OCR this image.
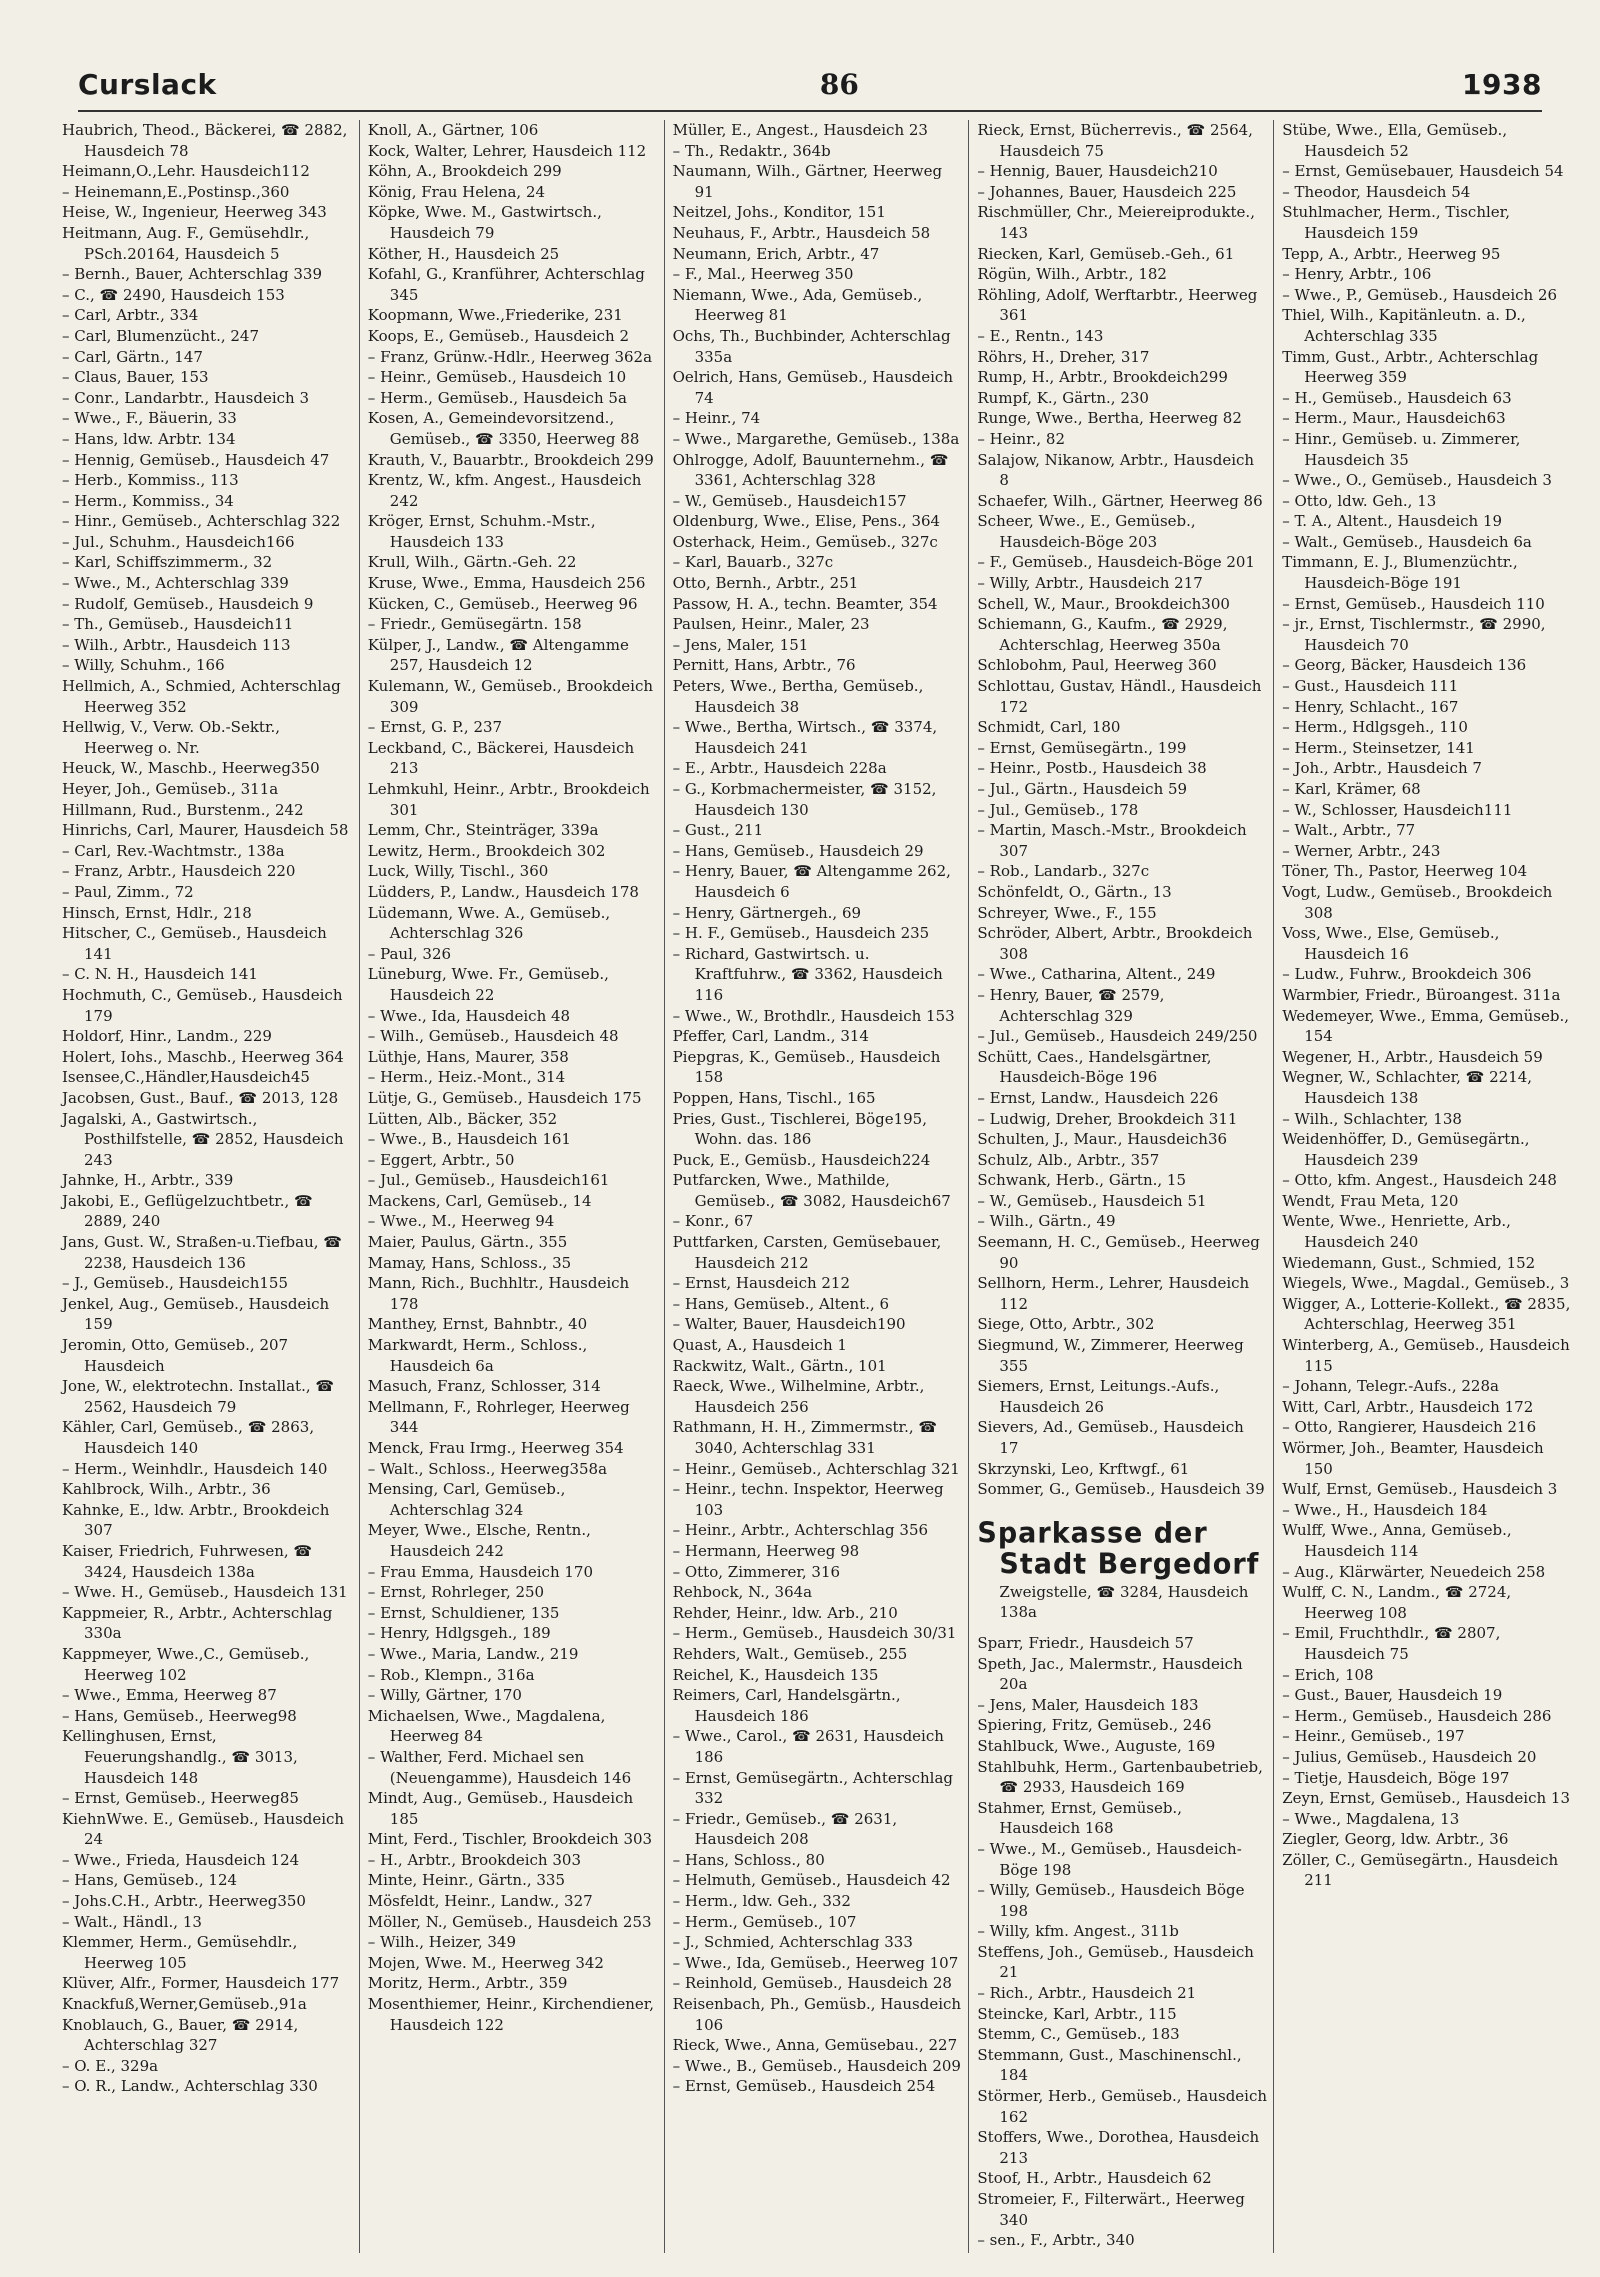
Curslack	86	1938
Haubrich, Theod., Bäckerei, ☎ 2882, Hausdeich 78
Heimann,O.,Lehr. Hausdeich112
– Heinemann,E.,Postinsp.,360
Heise, W., Ingenieur, Heerweg 343
Heitmann, Aug. F., Gemüsehdlr., PSch.20164, Hausdeich 5
– Bernh., Bauer, Achterschlag 339
– C., ☎ 2490, Hausdeich 153
– Carl, Arbtr., 334
– Carl, Blumenzücht., 247
– Carl, Gärtn., 147
– Claus, Bauer, 153
– Conr., Landarbtr., Hausdeich 3
– Wwe., F., Bäuerin, 33
– Hans, ldw. Arbtr. 134
– Hennig, Gemüseb., Hausdeich 47
– Herb., Kommiss., 113
– Herm., Kommiss., 34
– Hinr., Gemüseb., Achterschlag 322
– Jul., Schuhm., Hausdeich166
– Karl, Schiffszimmerm., 32
– Wwe., M., Achterschlag 339
– Rudolf, Gemüseb., Hausdeich 9
– Th., Gemüseb., Hausdeich11
– Wilh., Arbtr., Hausdeich 113
– Willy, Schuhm., 166
Hellmich, A., Schmied, Achterschlag Heerweg 352
Hellwig, V., Verw. Ob.-Sektr., Heerweg o. Nr.
Heuck, W., Maschb., Heerweg350
Heyer, Joh., Gemüseb., 311a
Hillmann, Rud., Burstenm., 242
Hinrichs, Carl, Maurer, Hausdeich 58
– Carl, Rev.-Wachtmstr., 138a
– Franz, Arbtr., Hausdeich 220
– Paul, Zimm., 72
Hinsch, Ernst, Hdlr., 218
Hitscher, C., Gemüseb., Hausdeich 141
– C. N. H., Hausdeich 141
Hochmuth, C., Gemüseb., Hausdeich 179
Holdorf, Hinr., Landm., 229
Holert, Iohs., Maschb., Heerweg 364
Isensee,C.,Händler,Hausdeich45
Jacobsen, Gust., Bauf., ☎ 2013, 128
Jagalski, A., Gastwirtsch., Posthilfstelle, ☎ 2852, Hausdeich 243
Jahnke, H., Arbtr., 339
Jakobi, E., Geflügelzuchtbetr., ☎ 2889, 240
Jans, Gust. W., Straßen-u.Tiefbau, ☎ 2238, Hausdeich 136
– J., Gemüseb., Hausdeich155
Jenkel, Aug., Gemüseb., Hausdeich 159
Jeromin, Otto, Gemüseb., 207 Hausdeich
Jone, W., elektrotechn. Installat., ☎ 2562, Hausdeich 79
Kähler, Carl, Gemüseb., ☎ 2863, Hausdeich 140
– Herm., Weinhdlr., Hausdeich 140
Kahlbrock, Wilh., Arbtr., 36
Kahnke, E., ldw. Arbtr., Brookdeich 307
Kaiser, Friedrich, Fuhrwesen, ☎ 3424, Hausdeich 138a
– Wwe. H., Gemüseb., Hausdeich 131
Kappmeier, R., Arbtr., Achterschlag 330a
Kappmeyer, Wwe.,C., Gemüseb., Heerweg 102
– Wwe., Emma, Heerweg 87
– Hans, Gemüseb., Heerweg98
Kellinghusen, Ernst, Feuerungshandlg., ☎ 3013, Hausdeich 148
– Ernst, Gemüseb., Heerweg85
KiehnWwe. E., Gemüseb., Hausdeich 24
– Wwe., Frieda, Hausdeich 124
– Hans, Gemüseb., 124
– Johs.C.H., Arbtr., Heerweg350
– Walt., Händl., 13
Klemmer, Herm., Gemüsehdlr., Heerweg 105
Klüver, Alfr., Former, Hausdeich 177
Knackfuß,Werner,Gemüseb.,91a
Knoblauch, G., Bauer, ☎ 2914, Achterschlag 327
– O. E., 329a
– O. R., Landw., Achterschlag 330
Knoll, A., Gärtner, 106
Kock, Walter, Lehrer, Hausdeich 112
Köhn, A., Brookdeich 299
König, Frau Helena, 24
Köpke, Wwe. M., Gastwirtsch., Hausdeich 79
Köther, H., Hausdeich 25
Kofahl, G., Kranführer, Achterschlag 345
Koopmann, Wwe.,Friederike, 231
Koops, E., Gemüseb., Hausdeich 2
– Franz, Grünw.-Hdlr., Heerweg 362a
– Heinr., Gemüseb., Hausdeich 10
– Herm., Gemüseb., Hausdeich 5a
Kosen, A., Gemeindevorsitzend., Gemüseb., ☎ 3350, Heerweg 88
Krauth, V., Bauarbtr., Brookdeich 299
Krentz, W., kfm. Angest., Hausdeich 242
Kröger, Ernst, Schuhm.-Mstr., Hausdeich 133
Krull, Wilh., Gärtn.-Geh. 22
Kruse, Wwe., Emma, Hausdeich 256
Kücken, C., Gemüseb., Heerweg 96
– Friedr., Gemüsegärtn. 158
Külper, J., Landw., ☎ Altengamme 257, Hausdeich 12
Kulemann, W., Gemüseb., Brookdeich 309
– Ernst, G. P., 237
Leckband, C., Bäckerei, Hausdeich 213
Lehmkuhl, Heinr., Arbtr., Brookdeich 301
Lemm, Chr., Steinträger, 339a
Lewitz, Herm., Brookdeich 302
Luck, Willy, Tischl., 360
Lüdders, P., Landw., Hausdeich 178
Lüdemann, Wwe. A., Gemüseb., Achterschlag 326
– Paul, 326
Lüneburg, Wwe. Fr., Gemüseb., Hausdeich 22
– Wwe., Ida, Hausdeich 48
– Wilh., Gemüseb., Hausdeich 48
Lüthje, Hans, Maurer, 358
– Herm., Heiz.-Mont., 314
Lütje, G., Gemüseb., Hausdeich 175
Lütten, Alb., Bäcker, 352
– Wwe., B., Hausdeich 161
– Eggert, Arbtr., 50
– Jul., Gemüseb., Hausdeich161
Mackens, Carl, Gemüseb., 14
– Wwe., M., Heerweg 94
Maier, Paulus, Gärtn., 355
Mamay, Hans, Schloss., 35
Mann, Rich., Buchhltr., Hausdeich 178
Manthey, Ernst, Bahnbtr., 40
Markwardt, Herm., Schloss., Hausdeich 6a
Masuch, Franz, Schlosser, 314
Mellmann, F., Rohrleger, Heerweg 344
Menck, Frau Irmg., Heerweg 354
– Walt., Schloss., Heerweg358a
Mensing, Carl, Gemüseb., Achterschlag 324
Meyer, Wwe., Elsche, Rentn., Hausdeich 242
– Frau Emma, Hausdeich 170
– Ernst, Rohrleger, 250
– Ernst, Schuldiener, 135
– Henry, Hdlgsgeh., 189
– Wwe., Maria, Landw., 219
– Rob., Klempn., 316a
– Willy, Gärtner, 170
Michaelsen, Wwe., Magdalena, Heerweg 84
– Walther, Ferd. Michael sen (Neuengamme), Hausdeich 146
Mindt, Aug., Gemüseb., Hausdeich 185
Mint, Ferd., Tischler, Brookdeich 303
– H., Arbtr., Brookdeich 303
Minte, Heinr., Gärtn., 335
Mösfeldt, Heinr., Landw., 327
Möller, N., Gemüseb., Hausdeich 253
– Wilh., Heizer, 349
Mojen, Wwe. M., Heerweg 342
Moritz, Herm., Arbtr., 359
Mosenthiemer, Heinr., Kirchendiener, Hausdeich 122
Müller, E., Angest., Hausdeich 23
– Th., Redaktr., 364b
Naumann, Wilh., Gärtner, Heerweg 91
Neitzel, Johs., Konditor, 151
Neuhaus, F., Arbtr., Hausdeich 58
Neumann, Erich, Arbtr., 47
– F., Mal., Heerweg 350
Niemann, Wwe., Ada, Gemüseb., Heerweg 81
Ochs, Th., Buchbinder, Achterschlag 335a
Oelrich, Hans, Gemüseb., Hausdeich 74
– Heinr., 74
– Wwe., Margarethe, Gemüseb., 138a
Ohlrogge, Adolf, Bauunternehm., ☎ 3361, Achterschlag 328
– W., Gemüseb., Hausdeich157
Oldenburg, Wwe., Elise, Pens., 364
Osterhack, Heim., Gemüseb., 327c
– Karl, Bauarb., 327c
Otto, Bernh., Arbtr., 251
Passow, H. A., techn. Beamter, 354
Paulsen, Heinr., Maler, 23
– Jens, Maler, 151
Pernitt, Hans, Arbtr., 76
Peters, Wwe., Bertha, Gemüseb., Hausdeich 38
– Wwe., Bertha, Wirtsch., ☎ 3374, Hausdeich 241
– E., Arbtr., Hausdeich 228a
– G., Korbmachermeister, ☎ 3152, Hausdeich 130
– Gust., 211
– Hans, Gemüseb., Hausdeich 29
– Henry, Bauer, ☎ Altengamme 262, Hausdeich 6
– Henry, Gärtnergeh., 69
– H. F., Gemüseb., Hausdeich 235
– Richard, Gastwirtsch. u. Kraftfuhrw., ☎ 3362, Hausdeich 116
– Wwe., W., Brothdlr., Hausdeich 153
Pfeffer, Carl, Landm., 314
Piepgras, K., Gemüseb., Hausdeich 158
Poppen, Hans, Tischl., 165
Pries, Gust., Tischlerei, Böge195, Wohn. das. 186
Puck, E., Gemüsb., Hausdeich224
Putfarcken, Wwe., Mathilde, Gemüseb., ☎ 3082, Hausdeich67
– Konr., 67
Puttfarken, Carsten, Gemüsebauer, Hausdeich 212
– Ernst, Hausdeich 212
– Hans, Gemüseb., Altent., 6
– Walter, Bauer, Hausdeich190
Quast, A., Hausdeich 1
Rackwitz, Walt., Gärtn., 101
Raeck, Wwe., Wilhelmine, Arbtr., Hausdeich 256
Rathmann, H. H., Zimmermstr., ☎ 3040, Achterschlag 331
– Heinr., Gemüseb., Achterschlag 321
– Heinr., techn. Inspektor, Heerweg 103
– Heinr., Arbtr., Achterschlag 356
– Hermann, Heerweg 98
– Otto, Zimmerer, 316
Rehbock, N., 364a
Rehder, Heinr., ldw. Arb., 210
– Herm., Gemüseb., Hausdeich 30/31
Rehders, Walt., Gemüseb., 255
Reichel, K., Hausdeich 135
Reimers, Carl, Handelsgärtn., Hausdeich 186
– Wwe., Carol., ☎ 2631, Hausdeich 186
– Ernst, Gemüsegärtn., Achterschlag 332
– Friedr., Gemüseb., ☎ 2631, Hausdeich 208
– Hans, Schloss., 80
– Helmuth, Gemüseb., Hausdeich 42
– Herm., ldw. Geh., 332
– Herm., Gemüseb., 107
– J., Schmied, Achterschlag 333
– Wwe., Ida, Gemüseb., Heerweg 107
– Reinhold, Gemüseb., Hausdeich 28
Reisenbach, Ph., Gemüsb., Hausdeich 106
Rieck, Wwe., Anna, Gemüsebau., 227
– Wwe., B., Gemüseb., Hausdeich 209
– Ernst, Gemüseb., Hausdeich 254
Rieck, Ernst, Bücherrevis., ☎ 2564, Hausdeich 75
– Hennig, Bauer, Hausdeich210
– Johannes, Bauer, Hausdeich 225
Rischmüller, Chr., Meiereiprodukte., 143
Riecken, Karl, Gemüseb.-Geh., 61
Rögün, Wilh., Arbtr., 182
Röhling, Adolf, Werftarbtr., Heerweg 361
– E., Rentn., 143
Röhrs, H., Dreher, 317
Rump, H., Arbtr., Brookdeich299
Rumpf, K., Gärtn., 230
Runge, Wwe., Bertha, Heerweg 82
– Heinr., 82
Salajow, Nikanow, Arbtr., Hausdeich 8
Schaefer, Wilh., Gärtner, Heerweg 86
Scheer, Wwe., E., Gemüseb., Hausdeich-Böge 203
– F., Gemüseb., Hausdeich-Böge 201
– Willy, Arbtr., Hausdeich 217
Schell, W., Maur., Brookdeich300
Schiemann, G., Kaufm., ☎ 2929, Achterschlag, Heerweg 350a
Schlobohm, Paul, Heerweg 360
Schlottau, Gustav, Händl., Hausdeich 172
Schmidt, Carl, 180
– Ernst, Gemüsegärtn., 199
– Heinr., Postb., Hausdeich 38
– Jul., Gärtn., Hausdeich 59
– Jul., Gemüseb., 178
– Martin, Masch.-Mstr., Brookdeich 307
– Rob., Landarb., 327c
Schönfeldt, O., Gärtn., 13
Schreyer, Wwe., F., 155
Schröder, Albert, Arbtr., Brookdeich 308
– Wwe., Catharina, Altent., 249
– Henry, Bauer, ☎ 2579, Achterschlag 329
– Jul., Gemüseb., Hausdeich 249/250
Schütt, Caes., Handelsgärtner, Hausdeich-Böge 196
– Ernst, Landw., Hausdeich 226
– Ludwig, Dreher, Brookdeich 311
Schulten, J., Maur., Hausdeich36
Schulz, Alb., Arbtr., 357
Schwank, Herb., Gärtn., 15
– W., Gemüseb., Hausdeich 51
– Wilh., Gärtn., 49
Seemann, H. C., Gemüseb., Heerweg 90
Sellhorn, Herm., Lehrer, Hausdeich 112
Siege, Otto, Arbtr., 302
Siegmund, W., Zimmerer, Heerweg 355
Siemers, Ernst, Leitungs.-Aufs., Hausdeich 26
Sievers, Ad., Gemüseb., Hausdeich 17
Skrzynski, Leo, Krftwgf., 61
Sommer, G., Gemüseb., Hausdeich 39
Sparkasse der
Stadt Bergedorf
Zweigstelle, ☎ 3284, Hausdeich 138a
Sparr, Friedr., Hausdeich 57
Speth, Jac., Malermstr., Hausdeich 20a
– Jens, Maler, Hausdeich 183
Spiering, Fritz, Gemüseb., 246
Stahlbuck, Wwe., Auguste, 169
Stahlbuhk, Herm., Gartenbaubetrieb, ☎ 2933, Hausdeich 169
Stahmer, Ernst, Gemüseb., Hausdeich 168
– Wwe., M., Gemüseb., Hausdeich-Böge 198
– Willy, Gemüseb., Hausdeich Böge 198
– Willy, kfm. Angest., 311b
Steffens, Joh., Gemüseb., Hausdeich 21
– Rich., Arbtr., Hausdeich 21
Steincke, Karl, Arbtr., 115
Stemm, C., Gemüseb., 183
Stemmann, Gust., Maschinenschl., 184
Störmer, Herb., Gemüseb., Hausdeich 162
Stoffers, Wwe., Dorothea, Hausdeich 213
Stoof, H., Arbtr., Hausdeich 62
Stromeier, F., Filterwärt., Heerweg 340
– sen., F., Arbtr., 340
Stübe, Wwe., Ella, Gemüseb., Hausdeich 52
– Ernst, Gemüsebauer, Hausdeich 54
– Theodor, Hausdeich 54
Stuhlmacher, Herm., Tischler, Hausdeich 159
Tepp, A., Arbtr., Heerweg 95
– Henry, Arbtr., 106
– Wwe., P., Gemüseb., Hausdeich 26
Thiel, Wilh., Kapitänleutn. a. D., Achterschlag 335
Timm, Gust., Arbtr., Achterschlag Heerweg 359
– H., Gemüseb., Hausdeich 63
– Herm., Maur., Hausdeich63
– Hinr., Gemüseb. u. Zimmerer, Hausdeich 35
– Wwe., O., Gemüseb., Hausdeich 3
– Otto, ldw. Geh., 13
– T. A., Altent., Hausdeich 19
– Walt., Gemüseb., Hausdeich 6a
Timmann, E. J., Blumenzüchtr., Hausdeich-Böge 191
– Ernst, Gemüseb., Hausdeich 110
– jr., Ernst, Tischlermstr., ☎ 2990, Hausdeich 70
– Georg, Bäcker, Hausdeich 136
– Gust., Hausdeich 111
– Henry, Schlacht., 167
– Herm., Hdlgsgeh., 110
– Herm., Steinsetzer, 141
– Joh., Arbtr., Hausdeich 7
– Karl, Krämer, 68
– W., Schlosser, Hausdeich111
– Walt., Arbtr., 77
– Werner, Arbtr., 243
Töner, Th., Pastor, Heerweg 104
Vogt, Ludw., Gemüseb., Brookdeich 308
Voss, Wwe., Else, Gemüseb., Hausdeich 16
– Ludw., Fuhrw., Brookdeich 306
Warmbier, Friedr., Büroangest. 311a
Wedemeyer, Wwe., Emma, Gemüseb., 154
Wegener, H., Arbtr., Hausdeich 59
Wegner, W., Schlachter, ☎ 2214, Hausdeich 138
– Wilh., Schlachter, 138
Weidenhöffer, D., Gemüsegärtn., Hausdeich 239
– Otto, kfm. Angest., Hausdeich 248
Wendt, Frau Meta, 120
Wente, Wwe., Henriette, Arb., Hausdeich 240
Wiedemann, Gust., Schmied, 152
Wiegels, Wwe., Magdal., Gemüseb., 3
Wigger, A., Lotterie-Kollekt., ☎ 2835, Achterschlag, Heerweg 351
Winterberg, A., Gemüseb., Hausdeich 115
– Johann, Telegr.-Aufs., 228a
Witt, Carl, Arbtr., Hausdeich 172
– Otto, Rangierer, Hausdeich 216
Wörmer, Joh., Beamter, Hausdeich 150
Wulf, Ernst, Gemüseb., Hausdeich 3
– Wwe., H., Hausdeich 184
Wulff, Wwe., Anna, Gemüseb., Hausdeich 114
– Aug., Klärwärter, Neuedeich 258
Wulff, C. N., Landm., ☎ 2724, Heerweg 108
– Emil, Fruchthdlr., ☎ 2807, Hausdeich 75
– Erich, 108
– Gust., Bauer, Hausdeich 19
– Herm., Gemüseb., Hausdeich 286
– Heinr., Gemüseb., 197
– Julius, Gemüseb., Hausdeich 20
– Tietje, Hausdeich, Böge 197
Zeyn, Ernst, Gemüseb., Hausdeich 13
– Wwe., Magdalena, 13
Ziegler, Georg, ldw. Arbtr., 36
Zöller, C., Gemüsegärtn., Hausdeich 211
